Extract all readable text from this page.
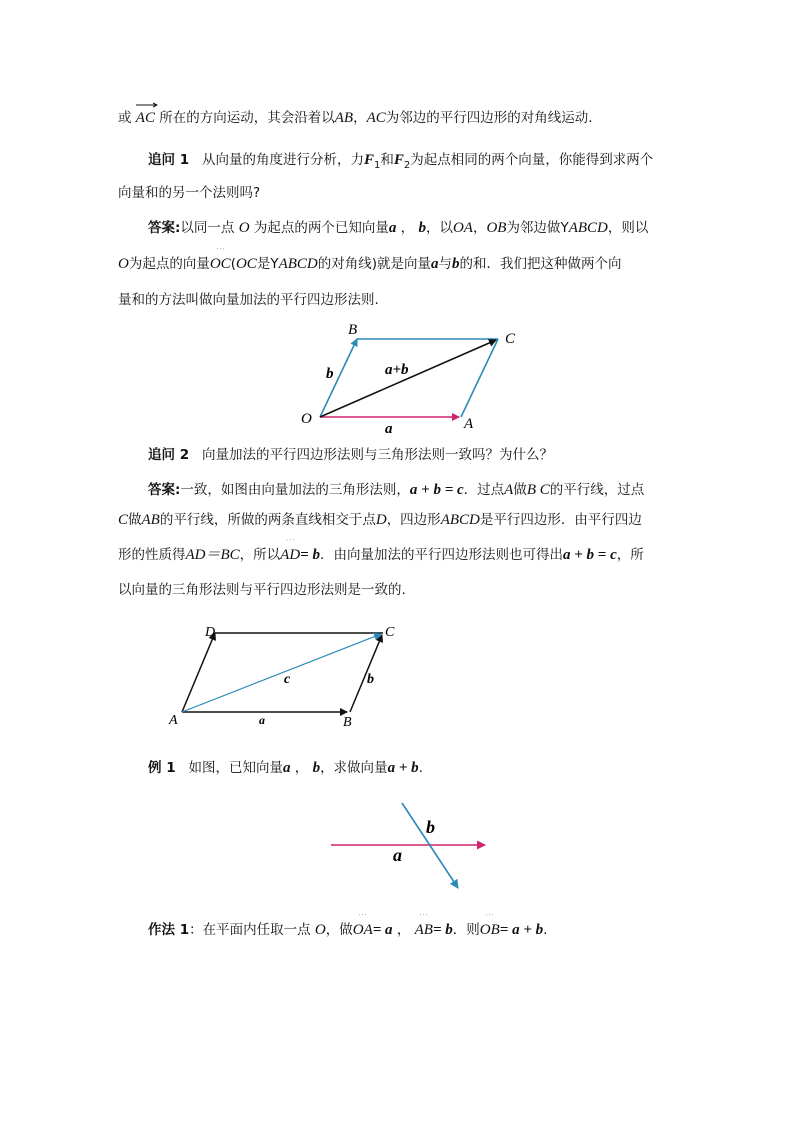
或 AC 所在的方向运动，其会沿着以AB，AC为邻边的平行四边形的对角线运动.
追问 1 从向量的角度进行分析，力$F_1$和$F_2$为起点相同的两个向量，你能得到求两个
向量和的另一个法则吗?
答案:以同一点 O 为起点的两个已知向量a ， b，以OA，OB为邻边做YABCD，则以
O为起点的向量
˙˙˙
OC(OC是YABCD的对角线)就是向量a与b的和．我们把这种做两个向
量和的方法叫做向量加法的平行四边形法则.
B
C
O	A
b
a
a+b
追问 2 向量加法的平行四边形法则与三角形法则一致吗？为什么？
答案:一致，如图由向量加法的三角形法则，a + b = c．过点A做B C的平行线，过点
C做AB的平行线，所做的两条直线相交于点D，四边形ABCD是平行四边形．由平行四边
形的性质得AD＝BC，所以
˙˙˙
AD= b．由向量加法的平行四边形法则也可得出a + b = c，所
以向量的三角形法则与平行四边形法则是一致的.
D	C
A	B
c	b
a
例 1 如图，已知向量a ， b，求做向量a + b.
b
a
作法 1：在平面内任取一点 O，做
˙˙˙
OA= a ，
˙˙˙
AB= b．则
˙˙˙
OB= a + b.
